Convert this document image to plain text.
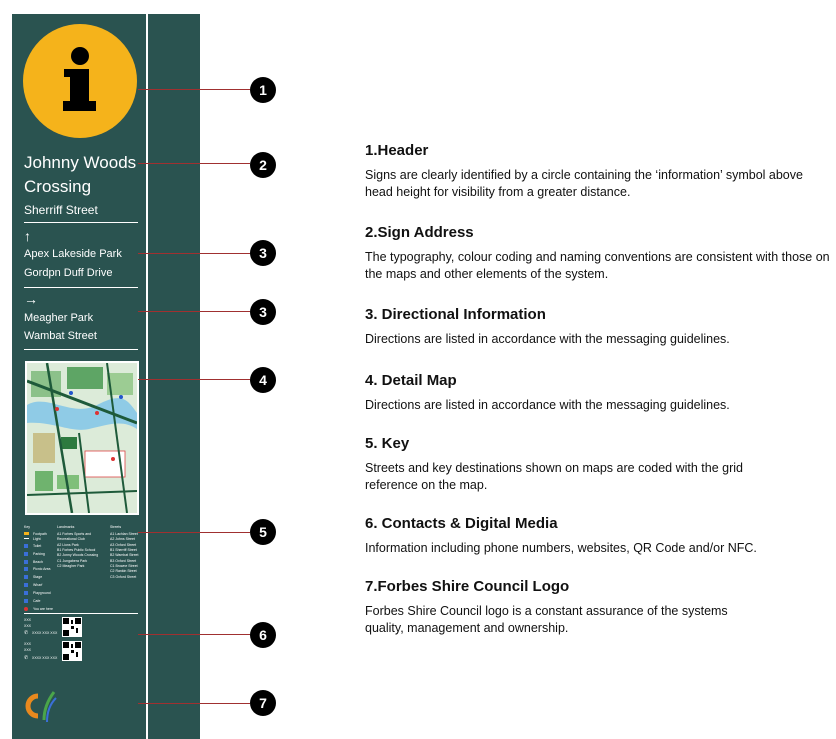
Johnny Woods
Crossing
Sherriff Street
↑
Apex Lakeside Park
Gordpn Duff Drive
→
Meagher Park
Wambat Street
Key	Landmarks	Streets
Footpath
Light
Toilet
Parking
Beach
Picnic Area
Stage
Wharf
Playground
Cafe
You are here
A1 Forbes Sports and
Recreational Club
A2 Lions Park
B1 Forbes Public School
B2 Jonny Woods Crossing
C1 Jungabera Park
C2 Meagher Park
A1 Lachlan Street
A2 Johns Street
A3 Oxford Street
B1 Sherriff Street
B2 Wambat Street
B3 Oxford Street
C1 Browne Street
C2 Rankin Street
C3 Oxford Street
XXX
XXX
✆ XXXX XXX XXX
XXX
XXX
✆ XXXX XXX XXX
1
2
3
3
4
5
6
7
1.Header

Signs are clearly identified by a circle containing the ‘information’ symbol above head height for visibility from a greater distance.

2.Sign Address

The typography, colour coding and naming conventions are consistent with those on the maps and other elements of the system.

3. Directional Information

Directions are listed in accordance with the messaging guidelines.

4. Detail Map

Directions are listed in accordance with the messaging guidelines.

5. Key

Streets and key destinations shown on maps are coded with the grid reference on the map.

6. Contacts & Digital Media

Information including phone numbers, websites, QR Code and/or NFC.

7.Forbes Shire Council Logo

Forbes Shire Council logo is a constant assurance of the systems quality, management and ownership.
